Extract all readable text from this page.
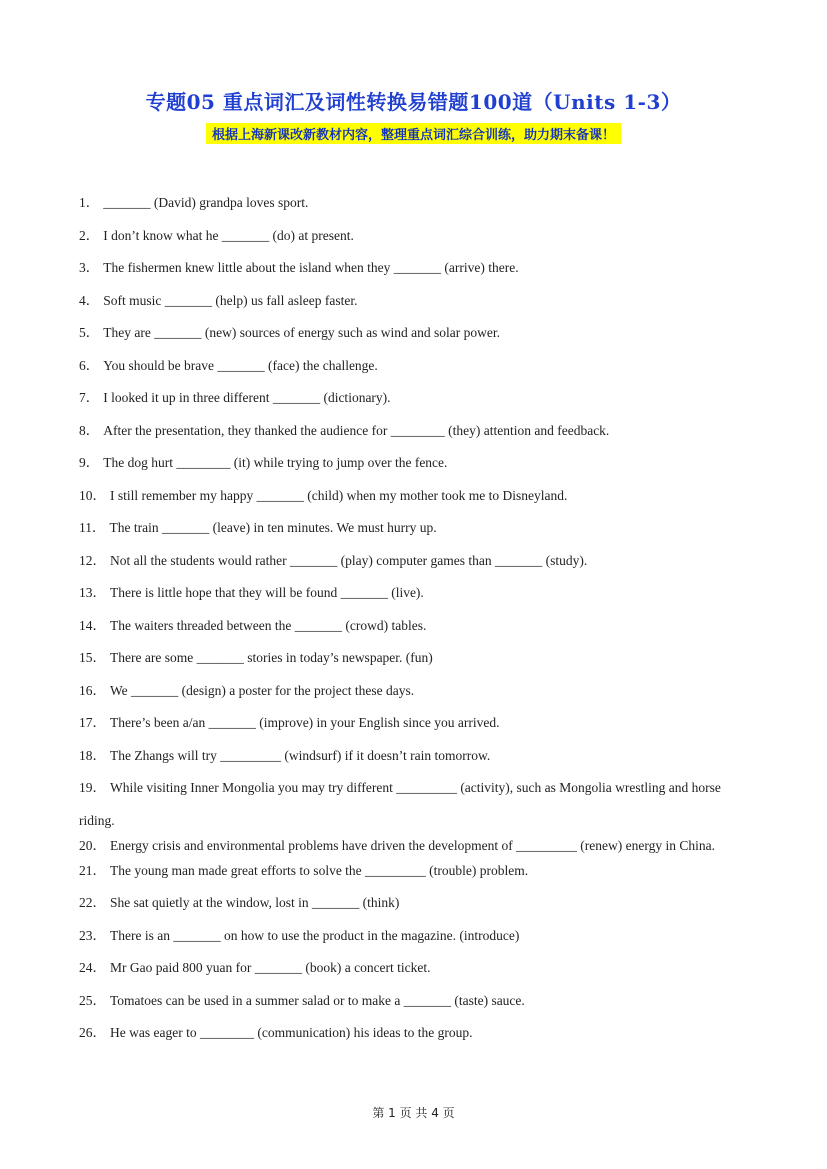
专题05 重点词汇及词性转换易错题100道（Units 1-3）
根据上海新课改新教材内容，整理重点词汇综合训练，助力期末备课！
1． _______ (David) grandpa loves sport.
2． I don’t know what he _______ (do) at present.
3． The fishermen knew little about the island when they _______ (arrive) there.
4． Soft music _______ (help) us fall asleep faster.
5． They are _______ (new) sources of energy such as wind and solar power.
6． You should be brave _______ (face) the challenge.
7． I looked it up in three different _______ (dictionary).
8． After the presentation, they thanked the audience for ________ (they) attention and feedback.
9． The dog hurt ________ (it) while trying to jump over the fence.
10． I still remember my happy _______ (child) when my mother took me to Disneyland.
11． The train _______ (leave) in ten minutes. We must hurry up.
12． Not all the students would rather _______ (play) computer games than _______ (study).
13． There is little hope that they will be found _______ (live).
14． The waiters threaded between the _______ (crowd) tables.
15． There are some _______ stories in today’s newspaper. (fun)
16． We _______ (design) a poster for the project these days.
17． There’s been a/an _______ (improve) in your English since you arrived.
18． The Zhangs will try _________ (windsurf) if it doesn’t rain tomorrow.
19． While visiting Inner Mongolia you may try different _________ (activity), such as Mongolia wrestling and horse riding.
20． Energy crisis and environmental problems have driven the development of _________ (renew) energy in China.
21． The young man made great efforts to solve the _________ (trouble) problem.
22． She sat quietly at the window, lost in _______ (think)
23． There is an _______ on how to use the product in the magazine. (introduce)
24． Mr Gao paid 800 yuan for _______ (book) a concert ticket.
25． Tomatoes can be used in a summer salad or to make a _______ (taste) sauce.
26． He was eager to ________ (communication) his ideas to the group.
第 1 页 共 4 页
